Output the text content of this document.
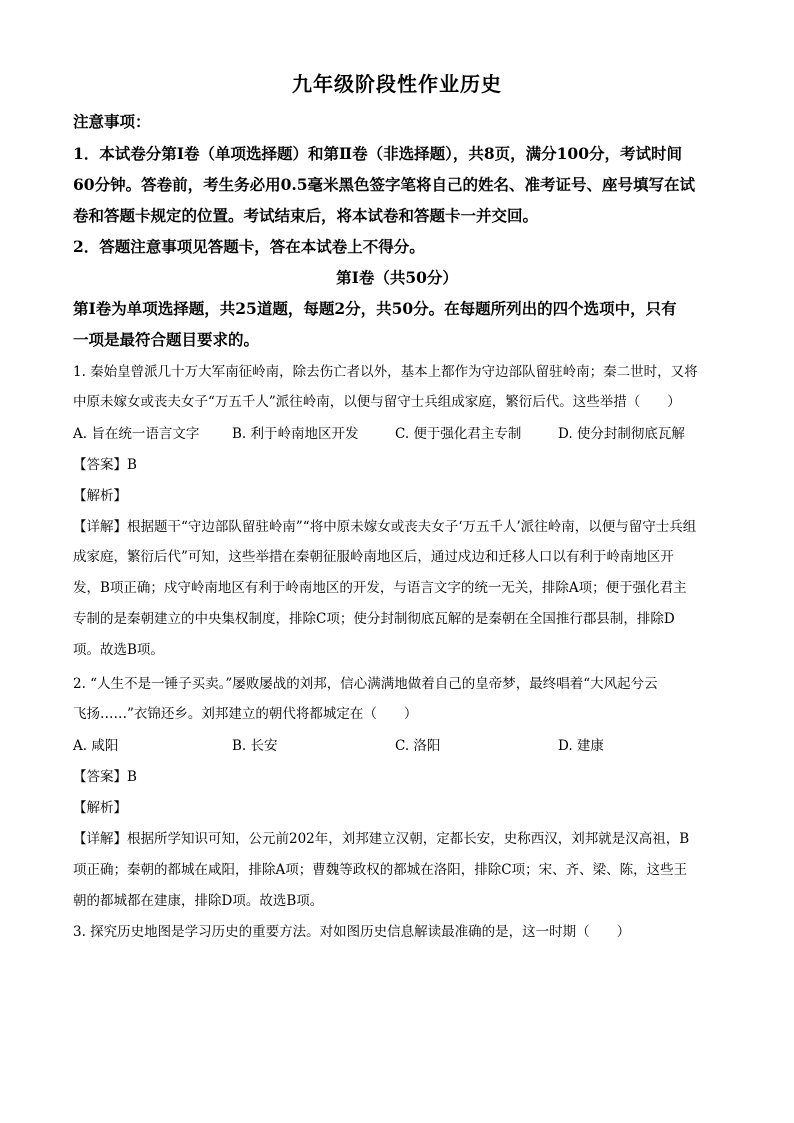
九年级阶段性作业历史
注意事项：
1．本试卷分第Ⅰ卷（单项选择题）和第Ⅱ卷（非选择题），共8页，满分100分，考试时间
60分钟。答卷前，考生务必用0.5毫米黑色签字笔将自己的姓名、准考证号、座号填写在试
卷和答题卡规定的位置。考试结束后，将本试卷和答题卡一并交回。
2．答题注意事项见答题卡，答在本试卷上不得分。
第Ⅰ卷（共50分）
第Ⅰ卷为单项选择题，共25道题，每题2分，共50分。在每题所列出的四个选项中，只有
一项是最符合题目要求的。
1. 秦始皇曾派几十万大军南征岭南，除去伤亡者以外，基本上都作为守边部队留驻岭南；秦二世时，又将
中原未嫁女或丧夫女子“万五千人”派往岭南，以便与留守士兵组成家庭，繁衍后代。这些举措（　　）
A. 旨在统一语言文字 B. 利于岭南地区开发	C. 便于强化君主专制	D. 使分封制彻底瓦解
【答案】B
【解析】
【详解】根据题干“守边部队留驻岭南”“将中原未嫁女或丧夫女子‘万五千人’派往岭南，以便与留守士兵组
成家庭，繁衍后代”可知，这些举措在秦朝征服岭南地区后，通过戍边和迁移人口以有利于岭南地区开
发，B项正确；戍守岭南地区有利于岭南地区的开发，与语言文字的统一无关，排除A项；便于强化君主
专制的是秦朝建立的中央集权制度，排除C项；使分封制彻底瓦解的是秦朝在全国推行郡县制，排除D
项。故选B项。
2. “人生不是一锤子买卖。”屡败屡战的刘邦，信心满满地做着自己的皇帝梦，最终唱着“大风起兮云
飞扬……”衣锦还乡。刘邦建立的朝代将都城定在（　　）
A. 咸阳	B. 长安	C. 洛阳	D. 建康
【答案】B
【解析】
【详解】根据所学知识可知，公元前202年，刘邦建立汉朝，定都长安，史称西汉，刘邦就是汉高祖，B
项正确；秦朝的都城在咸阳，排除A项；曹魏等政权的都城在洛阳，排除C项；宋、齐、梁、陈，这些王
朝的都城都在建康，排除D项。故选B项。
3. 探究历史地图是学习历史的重要方法。对如图历史信息解读最准确的是，这一时期（　　）
